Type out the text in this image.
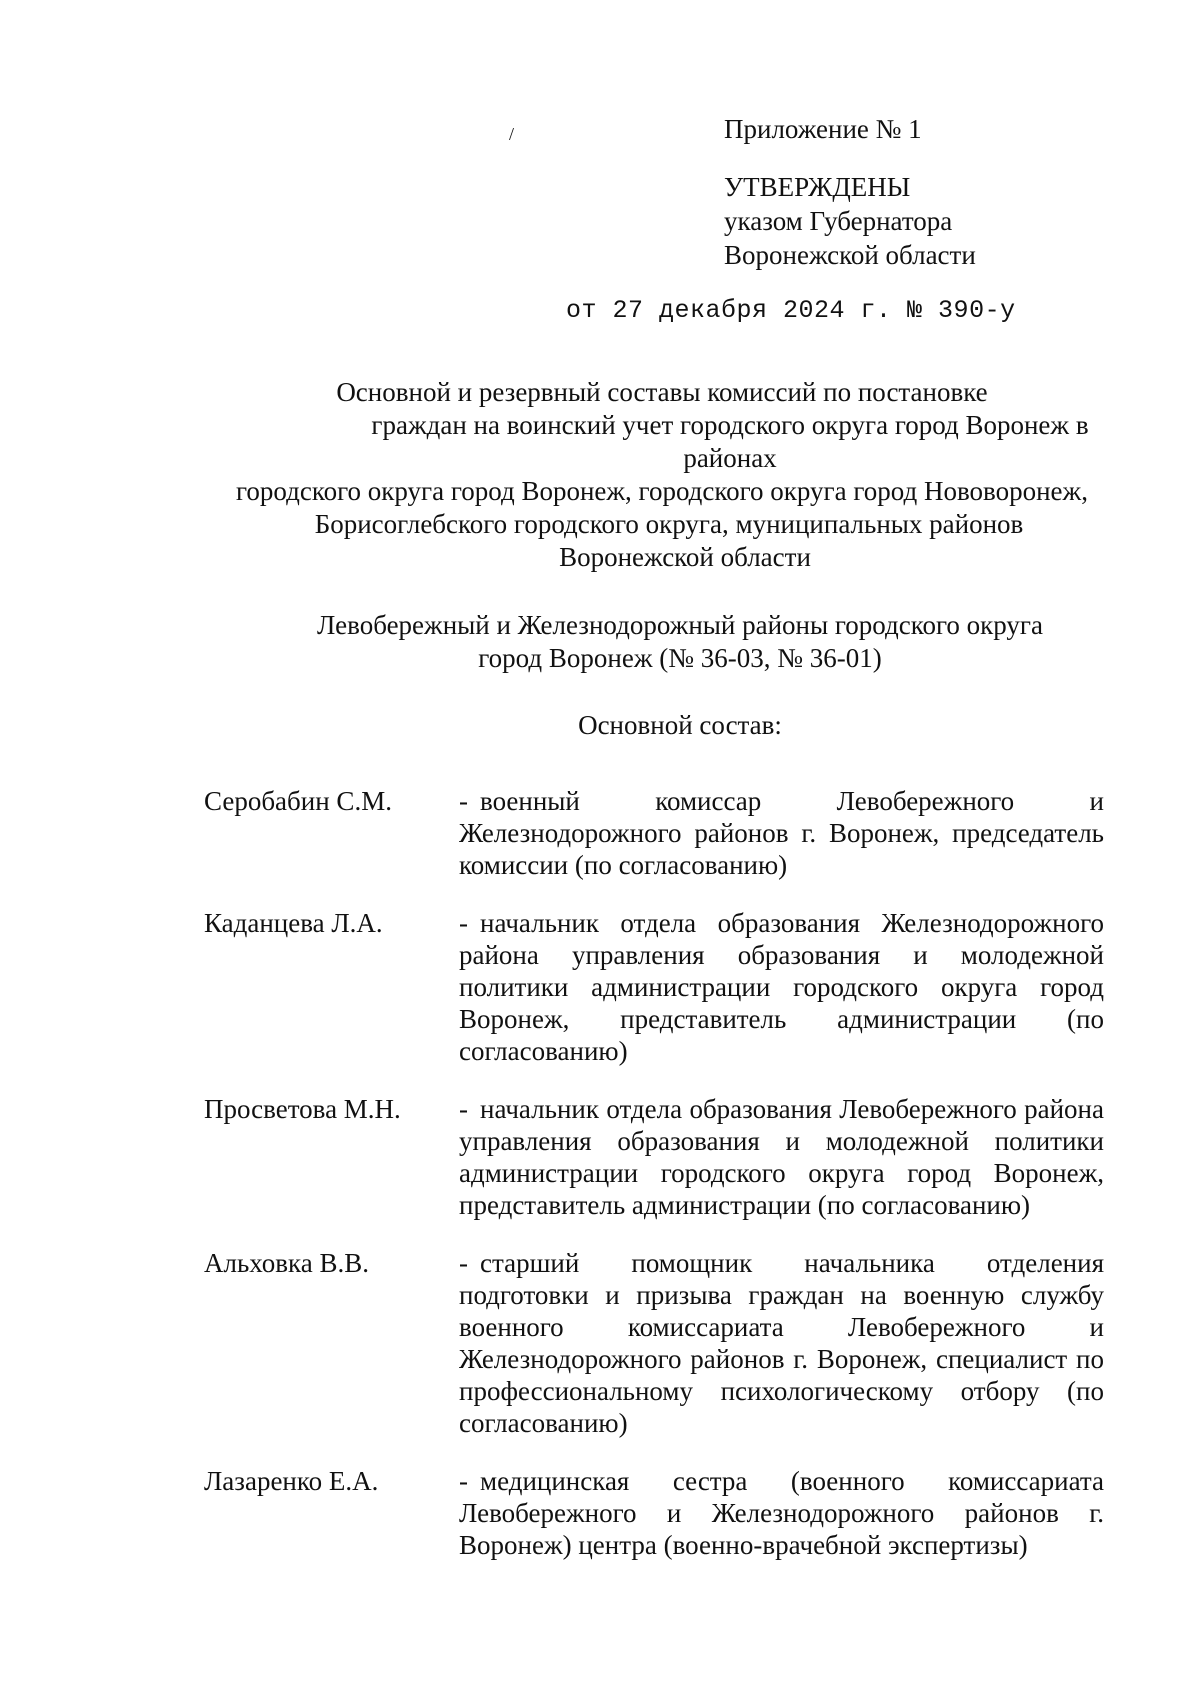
/	Приложение № 1
УТВЕРЖДЕНЫ
указом Губернатора
Воронежской области
от 27 декабря 2024 г. № 390-у
Основной и резервный составы комиссий по постановке
граждан на воинский учет городского округа город Воронеж в районах
городского округа город Воронеж, городского округа город Нововоронеж,
Борисоглебского городского округа, муниципальных районов
Воронежской области
Левобережный и Железнодорожный районы городского округа
город Воронеж (№ 36-03, № 36-01)
Основной состав:
Серобабин С.М.	- военный комиссар Левобережного и Железнодорожного районов г. Воронеж, председатель комиссии (по согласованию)
Каданцева Л.А.	- начальник отдела образования Железнодорожного района управления образования и молодежной политики администрации городского округа город Воронеж, представитель администрации (по согласованию)
Просветова М.Н.	- начальник отдела образования Левобережного района управления образования и молодежной политики администрации городского округа город Воронеж, представитель администрации (по согласованию)
Альховка В.В.	- старший помощник начальника отделения подготовки и призыва граждан на военную службу военного комиссариата Левобережного и Железнодорожного районов г. Воронеж, специалист по профессиональному психологическому отбору (по согласованию)
Лазаренко Е.А.	- медицинская сестра (военного комиссариата Левобережного и Железнодорожного районов г. Воронеж) центра (военно-врачебной экспертизы)
